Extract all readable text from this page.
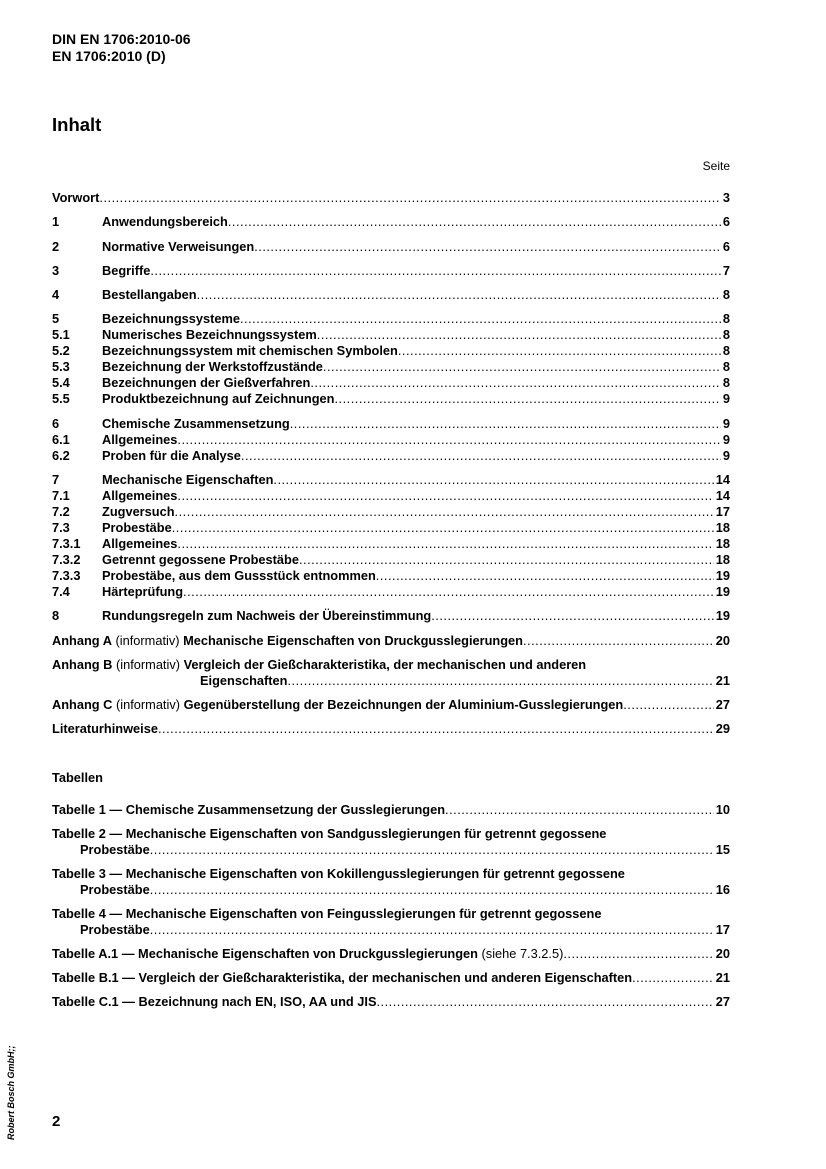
DIN EN 1706:2010-06
EN 1706:2010 (D)
Inhalt
Seite
Vorwort .....	3
1	Anwendungsbereich .....	6
2	Normative Verweisungen .....	6
3	Begriffe .....	7
4	Bestellangaben .....	8
5	Bezeichnungssysteme .....	8
5.1	Numerisches Bezeichnungssystem .....	8
5.2	Bezeichnungssystem mit chemischen Symbolen .....	8
5.3	Bezeichnung der Werkstoffzustände .....	8
5.4	Bezeichnungen der Gießverfahren .....	8
5.5	Produktbezeichnung auf Zeichnungen .....	9
6	Chemische Zusammensetzung .....	9
6.1	Allgemeines .....	9
6.2	Proben für die Analyse .....	9
7	Mechanische Eigenschaften .....	14
7.1	Allgemeines .....	14
7.2	Zugversuch .....	17
7.3	Probestäbe .....	18
7.3.1 Allgemeines .....	18
7.3.2 Getrennt gegossene Probestäbe .....	18
7.3.3 Probestäbe, aus dem Gussstück entnommen .....	19
7.4	Härteprüfung .....	19
8	Rundungsregeln zum Nachweis der Übereinstimmung .....	19
Anhang A
(informativ)
Mechanische Eigenschaften von Druckgusslegierungen .....	20
Anhang B
(informativ)
Vergleich der Gießcharakteristika, der mechanischen und anderen
Eigenschaften .....	21
Anhang C
(informativ)
Gegenüberstellung der Bezeichnungen der Aluminium-Gusslegierungen .....	27
Literaturhinweise .....	29
Tabelle 1 — Chemische Zusammensetzung der Gusslegierungen .....	10
Tabelle 2 — Mechanische Eigenschaften von Sandgusslegierungen für getrennt gegossene
Probestäbe .....	15
Tabelle 3 — Mechanische Eigenschaften von Kokillengusslegierungen für getrennt gegossene
Probestäbe .....	16
Tabelle 4 — Mechanische Eigenschaften von Feingusslegierungen für getrennt gegossene
Probestäbe .....	17
Tabelle A.1 — Mechanische Eigenschaften von Druckgusslegierungen
(siehe 7.3.2.5) .....	20
Tabelle B.1 — Vergleich der Gießcharakteristika, der mechanischen und anderen Eigenschaften .....	21
Tabelle C.1 — Bezeichnung nach EN, ISO, AA und JIS .....	27
Tabellen
Robert Bosch GmbH;; 2
